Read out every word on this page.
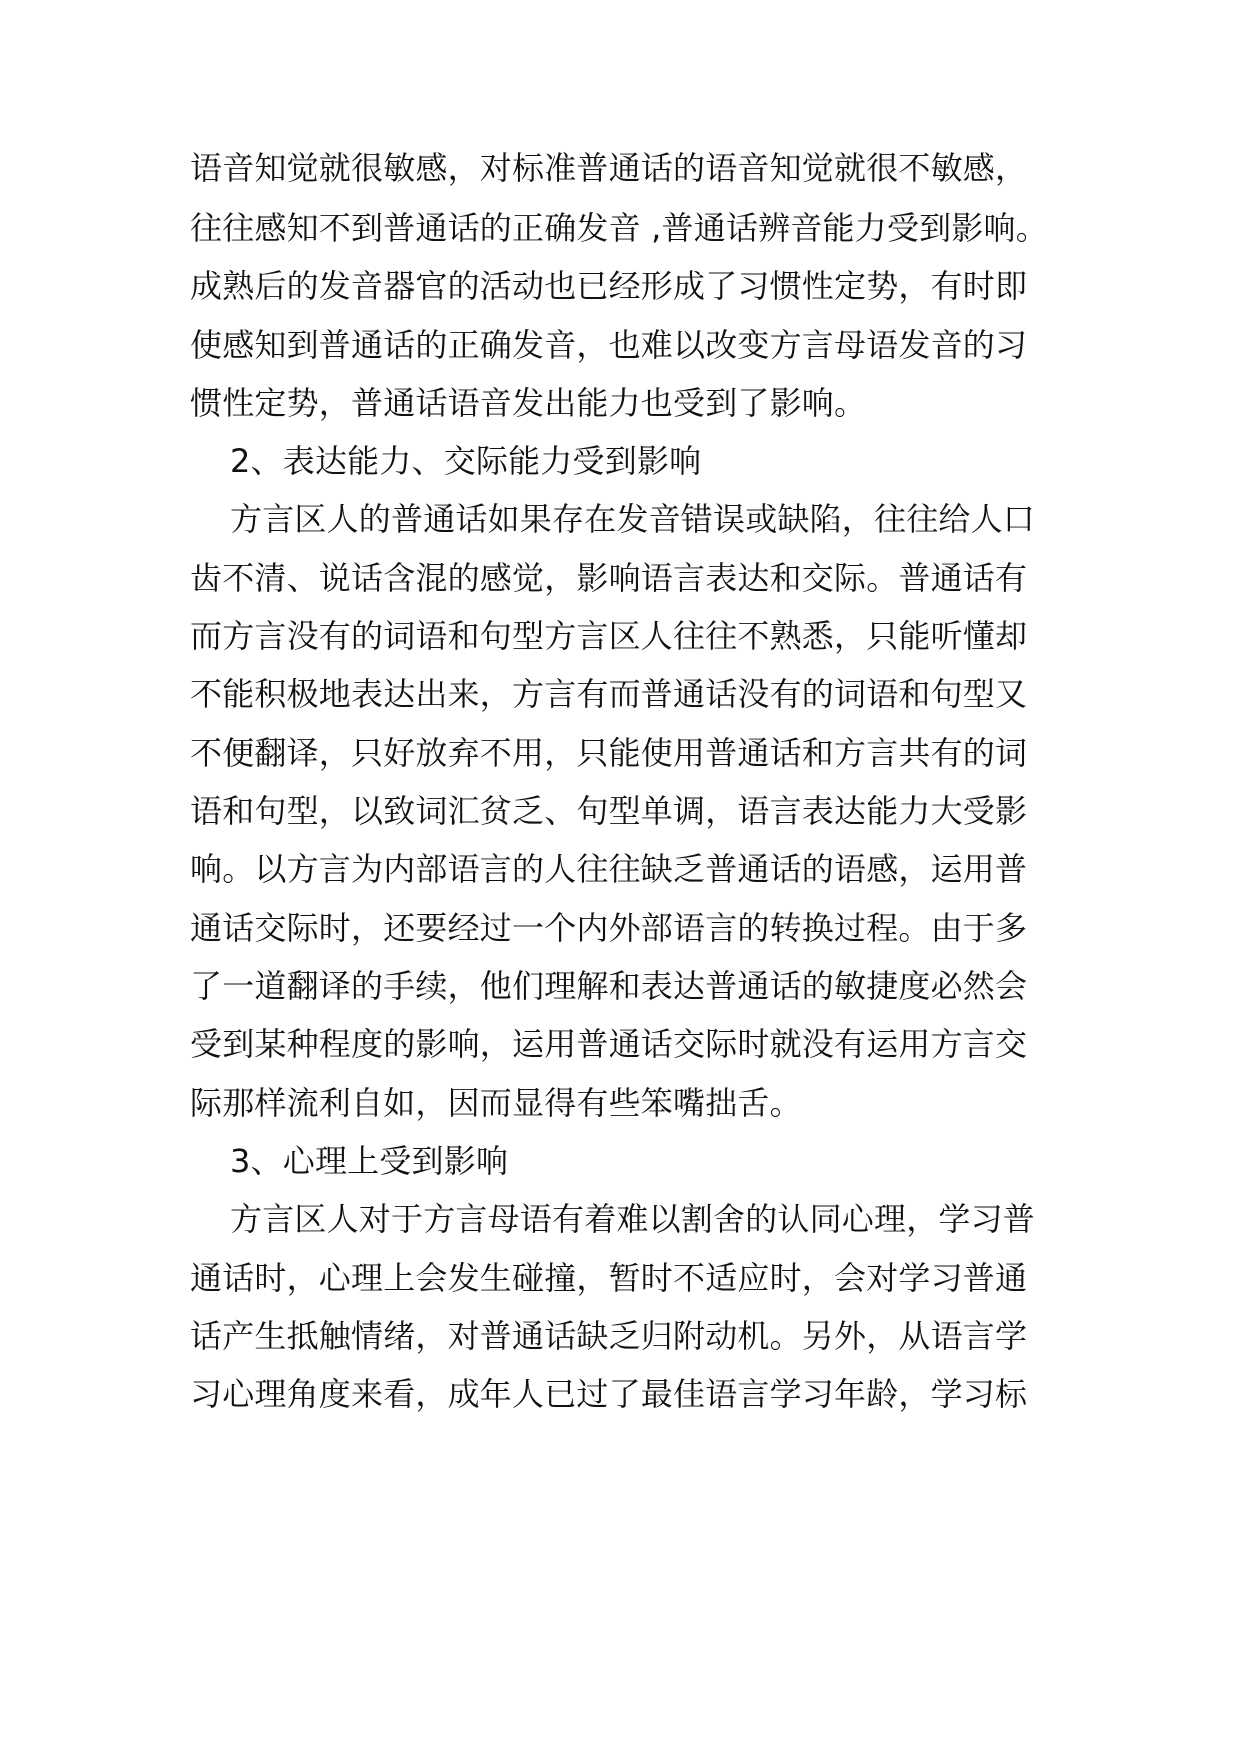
语音知觉就很敏感，对标准普通话的语音知觉就很不敏感，
往往感知不到普通话的正确发音 ,普通话辨音能力受到影响。
成熟后的发音器官的活动也已经形成了习惯性定势，有时即
使感知到普通话的正确发音，也难以改变方言母语发音的习
惯性定势，普通话语音发出能力也受到了影响。
2、表达能力、交际能力受到影响
方言区人的普通话如果存在发音错误或缺陷，往往给人口
齿不清、说话含混的感觉，影响语言表达和交际。普通话有
而方言没有的词语和句型方言区人往往不熟悉，只能听懂却
不能积极地表达出来，方言有而普通话没有的词语和句型又
不便翻译，只好放弃不用，只能使用普通话和方言共有的词
语和句型，以致词汇贫乏、句型单调，语言表达能力大受影
响。以方言为内部语言的人往往缺乏普通话的语感，运用普
通话交际时，还要经过一个内外部语言的转换过程。由于多
了一道翻译的手续，他们理解和表达普通话的敏捷度必然会
受到某种程度的影响，运用普通话交际时就没有运用方言交
际那样流利自如，因而显得有些笨嘴拙舌。
3、心理上受到影响
方言区人对于方言母语有着难以割舍的认同心理，学习普
通话时，心理上会发生碰撞，暂时不适应时，会对学习普通
话产生抵触情绪，对普通话缺乏归附动机。另外，从语言学
习心理角度来看，成年人已过了最佳语言学习年龄，学习标
